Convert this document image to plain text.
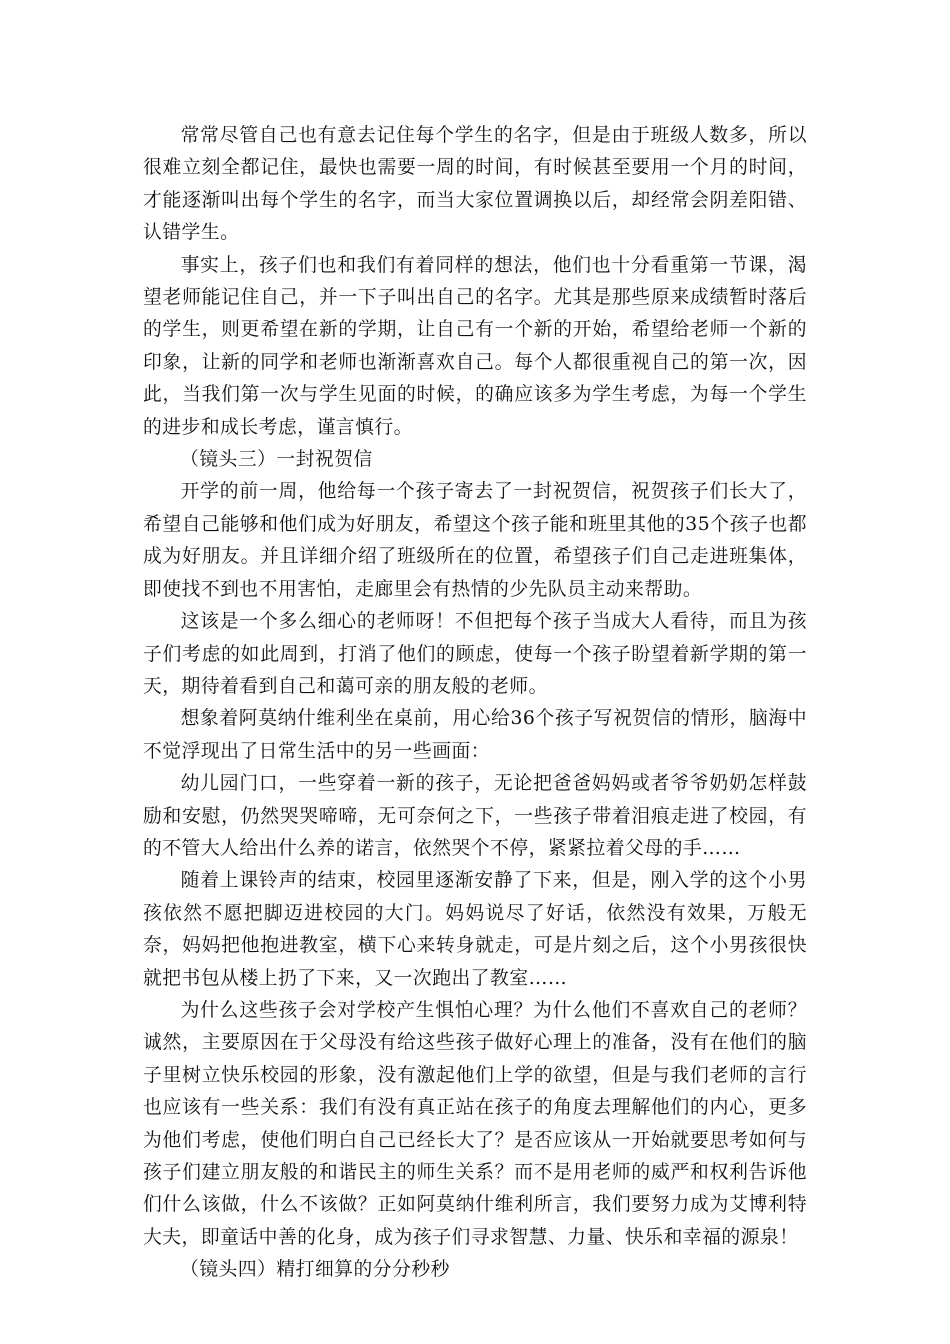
常常尽管自己也有意去记住每个学生的名字，但是由于班级人数多，所以很难立刻全都记住，最快也需要一周的时间，有时候甚至要用一个月的时间，才能逐渐叫出每个学生的名字，而当大家位置调换以后，却经常会阴差阳错、认错学生。

事实上，孩子们也和我们有着同样的想法，他们也十分看重第一节课，渴望老师能记住自己，并一下子叫出自己的名字。尤其是那些原来成绩暂时落后的学生，则更希望在新的学期，让自己有一个新的开始，希望给老师一个新的印象，让新的同学和老师也渐渐喜欢自己。每个人都很重视自己的第一次，因此，当我们第一次与学生见面的时候，的确应该多为学生考虑，为每一个学生的进步和成长考虑，谨言慎行。

（镜头三）一封祝贺信

开学的前一周，他给每一个孩子寄去了一封祝贺信，祝贺孩子们长大了，希望自己能够和他们成为好朋友，希望这个孩子能和班里其他的35个孩子也都成为好朋友。并且详细介绍了班级所在的位置，希望孩子们自己走进班集体，即使找不到也不用害怕，走廊里会有热情的少先队员主动来帮助。

这该是一个多么细心的老师呀！不但把每个孩子当成大人看待，而且为孩子们考虑的如此周到，打消了他们的顾虑，使每一个孩子盼望着新学期的第一天，期待着看到自己和蔼可亲的朋友般的老师。

想象着阿莫纳什维利坐在桌前，用心给36个孩子写祝贺信的情形，脑海中不觉浮现出了日常生活中的另一些画面：

幼儿园门口，一些穿着一新的孩子，无论把爸爸妈妈或者爷爷奶奶怎样鼓励和安慰，仍然哭哭啼啼，无可奈何之下，一些孩子带着泪痕走进了校园，有的不管大人给出什么养的诺言，依然哭个不停，紧紧拉着父母的手……

随着上课铃声的结束，校园里逐渐安静了下来，但是，刚入学的这个小男孩依然不愿把脚迈进校园的大门。妈妈说尽了好话，依然没有效果，万般无奈，妈妈把他抱进教室，横下心来转身就走，可是片刻之后，这个小男孩很快就把书包从楼上扔了下来，又一次跑出了教室……

为什么这些孩子会对学校产生惧怕心理？为什么他们不喜欢自己的老师？诚然，主要原因在于父母没有给这些孩子做好心理上的准备，没有在他们的脑子里树立快乐校园的形象，没有激起他们上学的欲望，但是与我们老师的言行也应该有一些关系：我们有没有真正站在孩子的角度去理解他们的内心，更多为他们考虑，使他们明白自己已经长大了？是否应该从一开始就要思考如何与孩子们建立朋友般的和谐民主的师生关系？而不是用老师的威严和权利告诉他们什么该做，什么不该做？正如阿莫纳什维利所言，我们要努力成为艾博利特大夫，即童话中善的化身，成为孩子们寻求智慧、力量、快乐和幸福的源泉！

（镜头四）精打细算的分分秒秒
